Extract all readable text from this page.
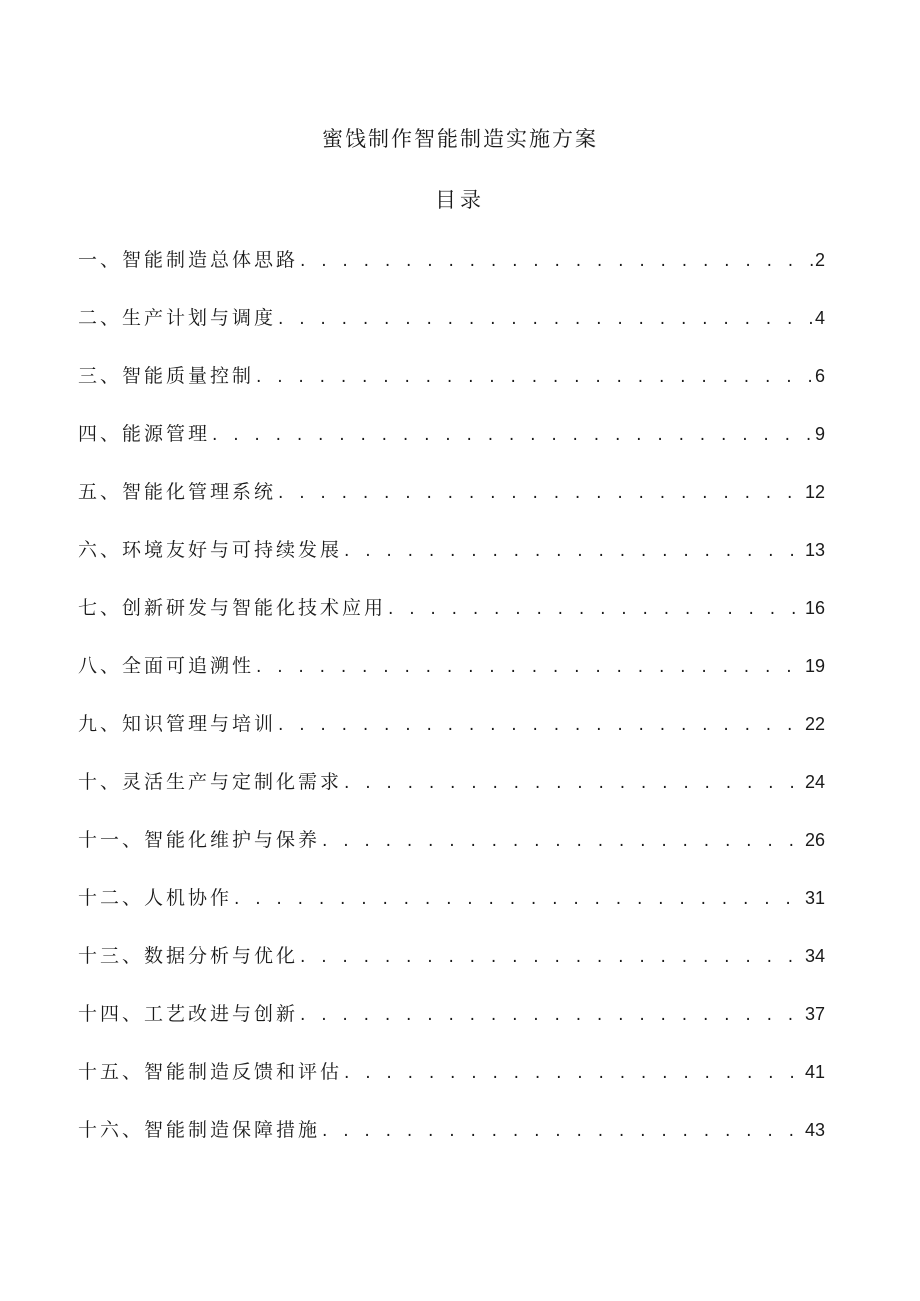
蜜饯制作智能制造实施方案
目录
一、智能制造总体思路 . . .	2
二、生产计划与调度 . . .	4
三、智能质量控制 . . .	6
四、能源管理 . . .	9
五、智能化管理系统 . . .	12
六、环境友好与可持续发展 . . .	13
七、创新研发与智能化技术应用 . . .	16
八、全面可追溯性 . . .	19
九、知识管理与培训 . . .	22
十、灵活生产与定制化需求 . . .	24
十一、智能化维护与保养 . . .	26
十二、人机协作 . . .	31
十三、数据分析与优化 . . .	34
十四、工艺改进与创新 . . .	37
十五、智能制造反馈和评估 . . .	41
十六、智能制造保障措施 . . .	43
